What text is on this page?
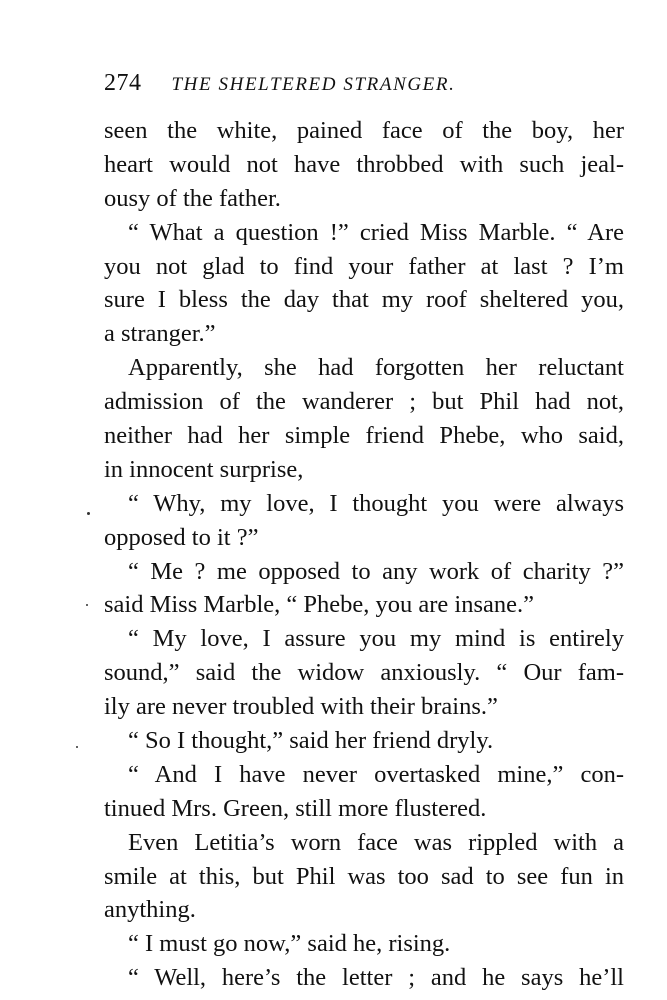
274 THE SHELTERED STRANGER.
seen the white, pained face of the boy, her
heart would not have throbbed with such jeal-
ousy of the father.
“ What a question !” cried Miss Marble. “ Are
you not glad to find your father at last ? I’m
sure I bless the day that my roof sheltered you,
a stranger.”
Apparently, she had forgotten her reluctant
admission of the wanderer ; but Phil had not,
neither had her simple friend Phebe, who said,
in innocent surprise,
“ Why, my love, I thought you were always
opposed to it ?”
“ Me ? me opposed to any work of charity ?”
said Miss Marble, “ Phebe, you are insane.”
“ My love, I assure you my mind is entirely
sound,” said the widow anxiously. “ Our fam-
ily are never troubled with their brains.”
“ So I thought,” said her friend dryly.
“ And I have never overtasked mine,” con-
tinued Mrs. Green, still more flustered.
Even Letitia’s worn face was rippled with a
smile at this, but Phil was too sad to see fun in
anything.
“ I must go now,” said he, rising.
“ Well, here’s the letter ; and he says he’ll
